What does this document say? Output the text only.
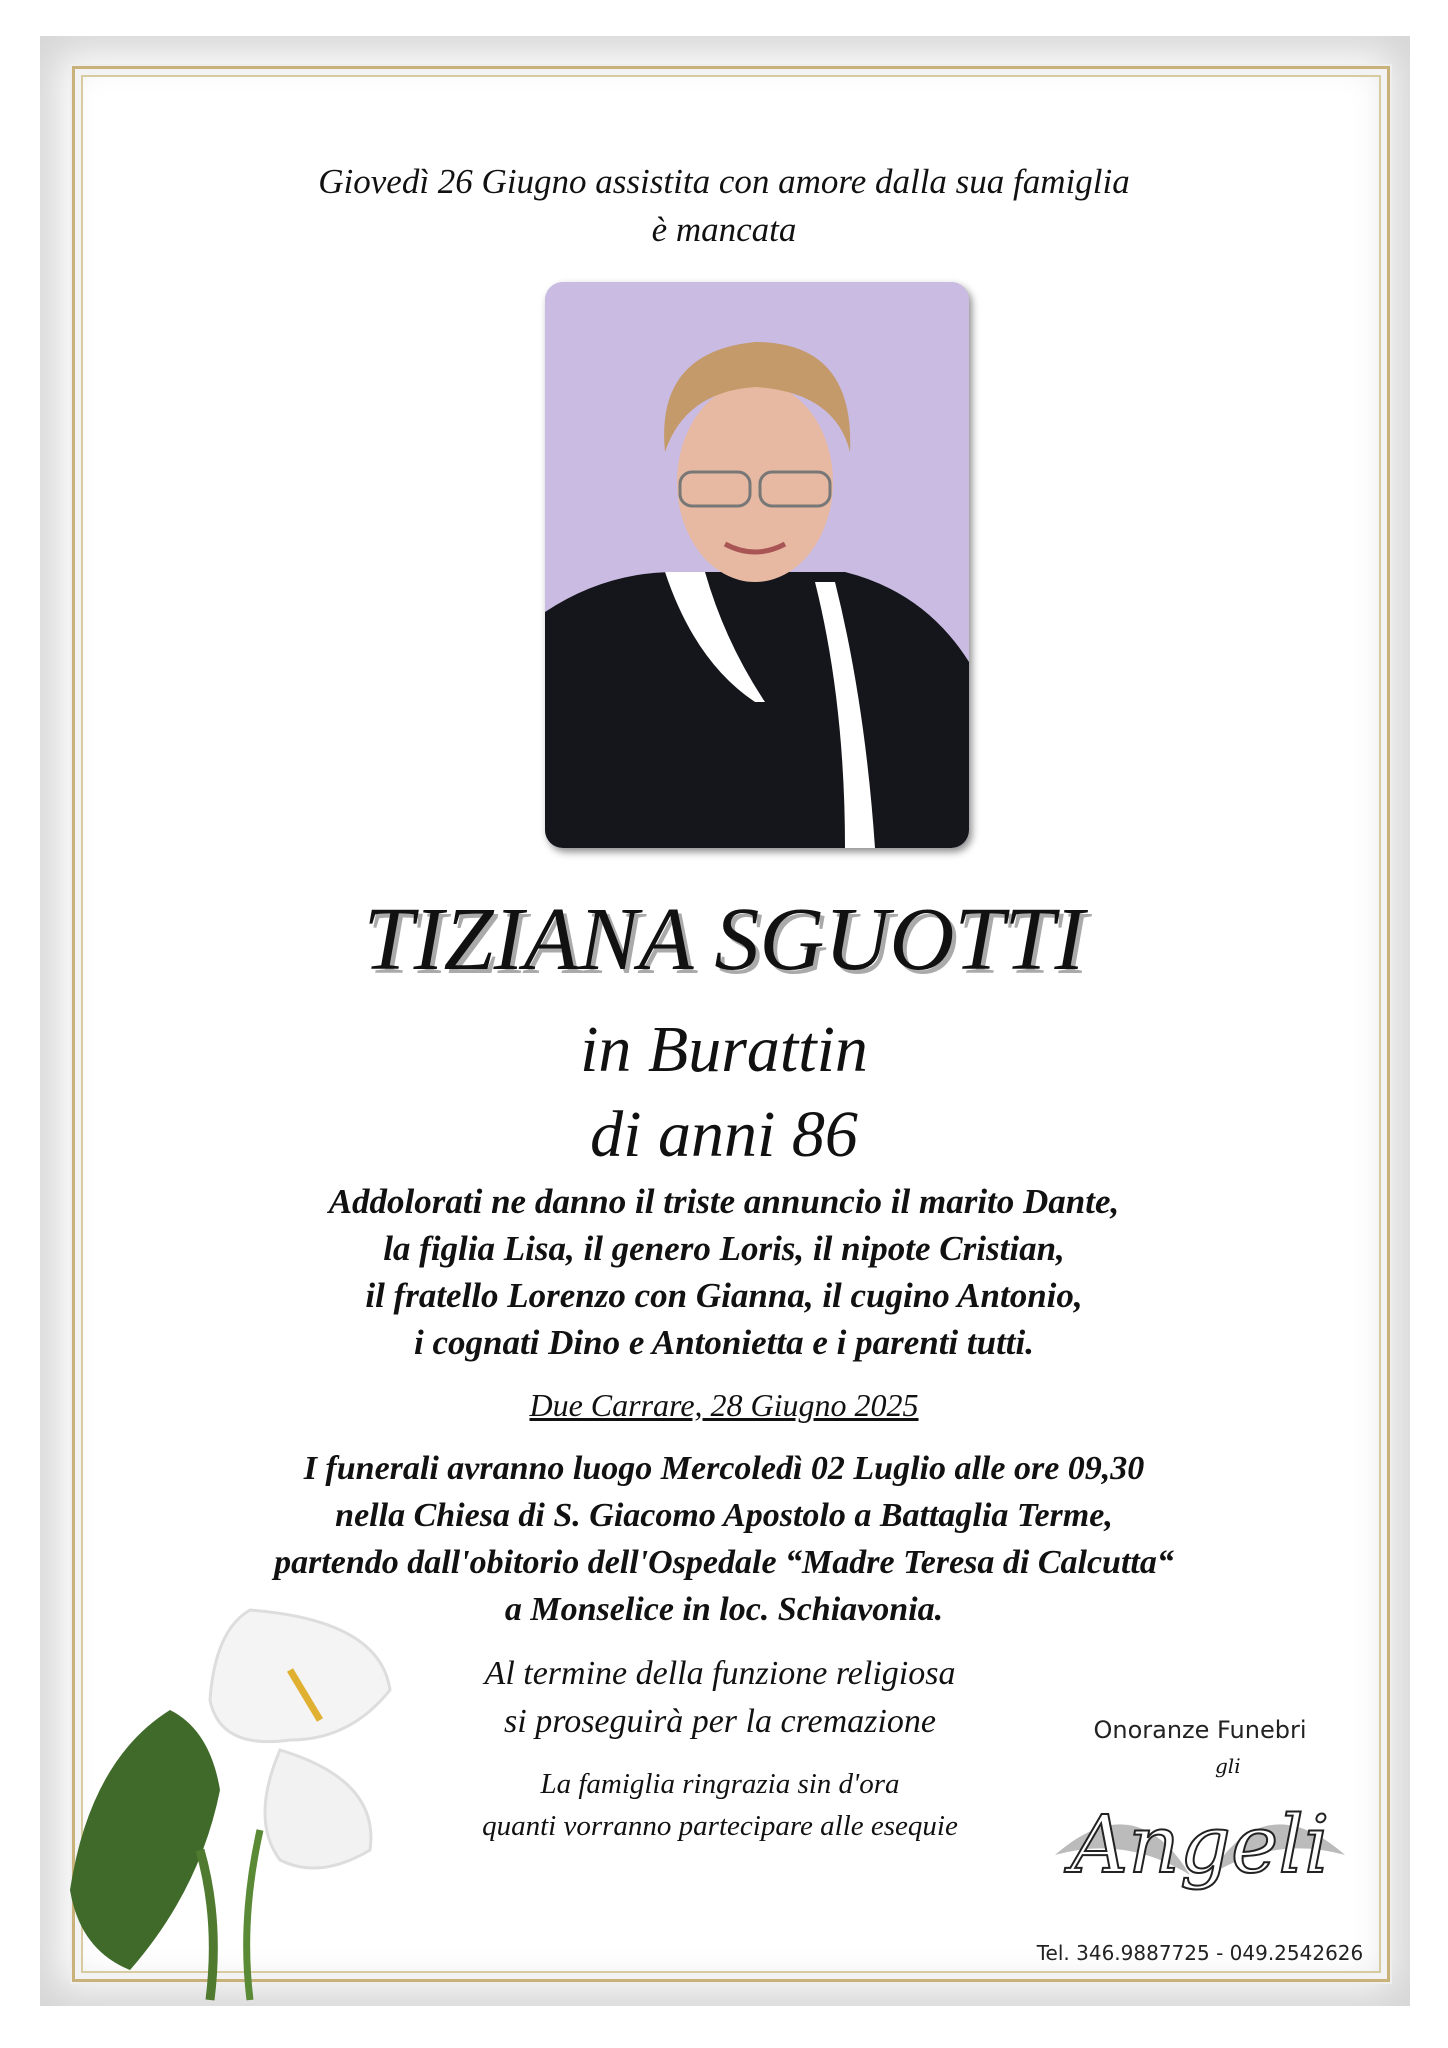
Giovedì 26 Giugno assistita con amore dalla sua famiglia
è mancata
TIZIANA SGUOTTI
in Burattin
di anni 86
Addolorati ne danno il triste annuncio il marito Dante,
la figlia Lisa, il genero Loris, il nipote Cristian,
il fratello Lorenzo con Gianna, il cugino Antonio,
i cognati Dino e Antonietta e i parenti tutti.
Due Carrare, 28 Giugno 2025
I funerali avranno luogo Mercoledì 02 Luglio alle ore 09,30
nella Chiesa di S. Giacomo Apostolo a Battaglia Terme,
partendo dall'obitorio dell'Ospedale “Madre Teresa di Calcutta“
a Monselice in loc. Schiavonia.
Al termine della funzione religiosa
si proseguirà per la cremazione
La famiglia ringrazia sin d'ora
quanti vorranno partecipare alle esequie
Onoranze Funebri
gli
Angeli
Tel. 346.9887725 - 049.2542626
